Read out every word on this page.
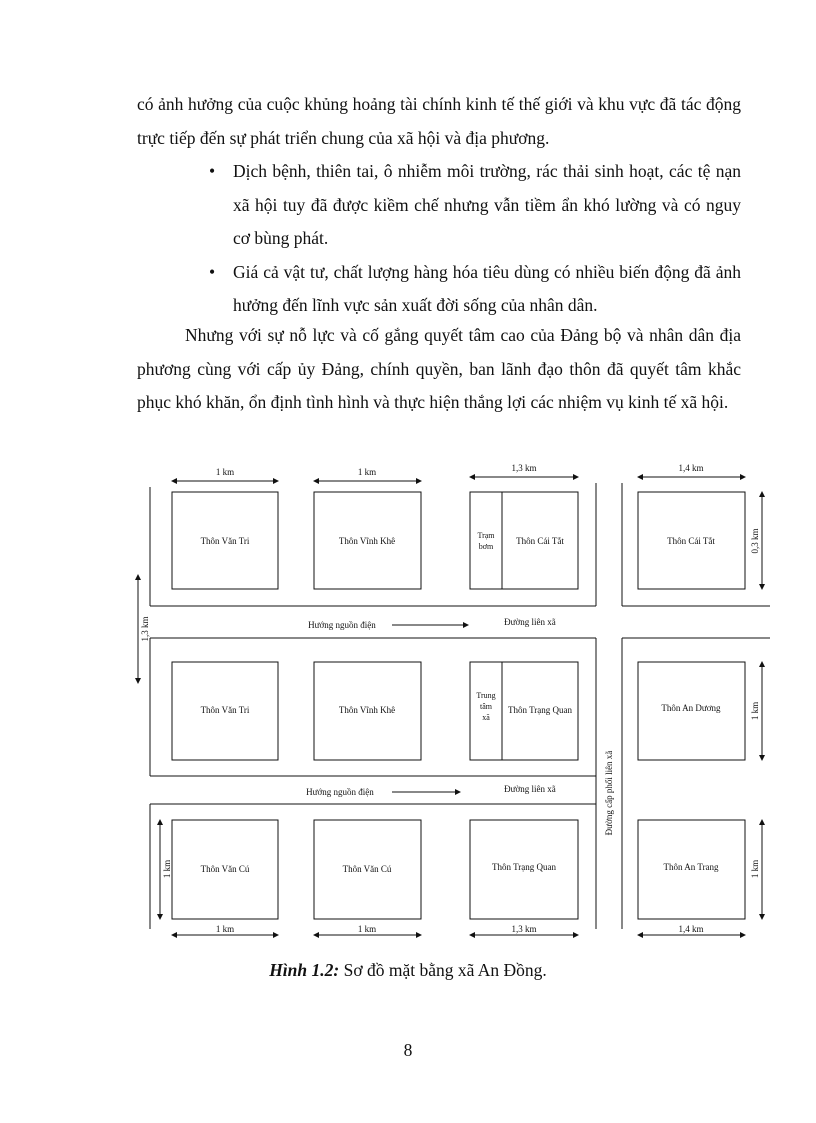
có ảnh hưởng của cuộc khủng hoảng tài chính kinh tế thế giới và khu vực đã tác động trực tiếp đến sự phát triển chung của xã hội và địa phương.

• Dịch bệnh, thiên tai, ô nhiễm môi trường, rác thải sinh hoạt, các tệ nạn xã hội tuy đã được kiềm chế nhưng vẫn tiềm ẩn khó lường và có nguy cơ bùng phát.
• Giá cả vật tư, chất lượng hàng hóa tiêu dùng có nhiều biến động đã ảnh hưởng đến lĩnh vực sản xuất đời sống của nhân dân.

Nhưng với sự nỗ lực và cố gắng quyết tâm cao của Đảng bộ và nhân dân địa phương cùng với cấp ủy Đảng, chính quyền, ban lãnh đạo thôn đã quyết tâm khắc phục khó khăn, ổn định tình hình và thực hiện thắng lợi các nhiệm vụ kinh tế xã hội.

1 km	1 km	1,3 km	1,4 km
1 km	1 km	1,3 km	1,4 km
1,3 km
1 km
0,3 km
1 km
1 km
Thôn Văn Tri	Thôn Vĩnh Khê
Trạm
bơm
Thôn Cái Tắt	Thôn Cái Tắt
Hướng nguồn điện	Đường liên xã
Thôn Văn Tri	Thôn Vĩnh Khê
Trung
tâm
xã
Thôn Trạng Quan	Thôn An Dương
Hướng nguồn điện	Đường liên xã	Đường cấp phối liên xã
Thôn Văn Cú	Thôn Văn Cú	Thôn Trạng Quan	Thôn An Trang
Hình 1.2: Sơ đồ mặt bằng xã An Đồng.
8
